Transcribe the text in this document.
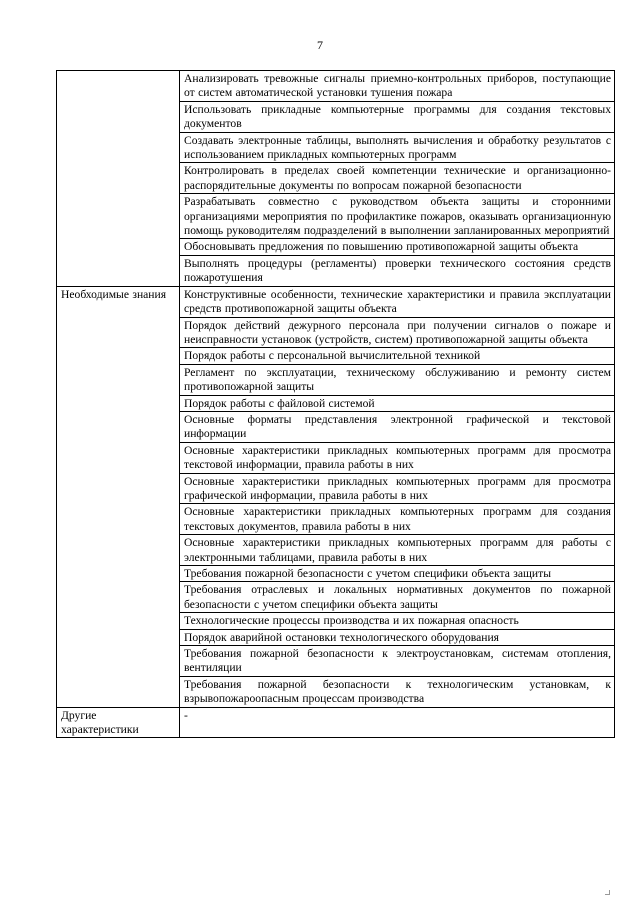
7
	Анализировать тревожные сигналы приемно-контрольных приборов, поступающие от систем автоматической установки тушения пожара
	Использовать прикладные компьютерные программы для создания текстовых документов
	Создавать электронные таблицы, выполнять вычисления и обработку результатов с использованием прикладных компьютерных программ
	Контролировать в пределах своей компетенции технические и организационно-распорядительные документы по вопросам пожарной безопасности
	Разрабатывать совместно с руководством объекта защиты и сторонними организациями мероприятия по профилактике пожаров, оказывать организационную помощь руководителям подразделений в выполнении запланированных мероприятий
	Обосновывать предложения по повышению противопожарной защиты объекта
	Выполнять процедуры (регламенты) проверки технического состояния средств пожаротушения
Необходимые знания	Конструктивные особенности, технические характеристики и правила эксплуатации средств противопожарной защиты объекта
	Порядок действий дежурного персонала при получении сигналов о пожаре и неисправности установок (устройств, систем) противопожарной защиты объекта
	Порядок работы с персональной вычислительной техникой
	Регламент по эксплуатации, техническому обслуживанию и ремонту систем противопожарной защиты
	Порядок работы с файловой системой
	Основные форматы представления электронной графической и текстовой информации
	Основные характеристики прикладных компьютерных программ для просмотра текстовой информации, правила работы в них
	Основные характеристики прикладных компьютерных программ для просмотра графической информации, правила работы в них
	Основные характеристики прикладных компьютерных программ для создания текстовых документов, правила работы в них
	Основные характеристики прикладных компьютерных программ для работы с электронными таблицами, правила работы в них
	Требования пожарной безопасности с учетом специфики объекта защиты
	Требования отраслевых и локальных нормативных документов по пожарной безопасности с учетом специфики объекта защиты
	Технологические процессы производства и их пожарная опасность
	Порядок аварийной остановки технологического оборудования
	Требования пожарной безопасности к электроустановкам, системам отопления, вентиляции
	Требования пожарной безопасности к технологическим установкам, к взрывопожароопасным процессам производства
Другие характеристики	-
